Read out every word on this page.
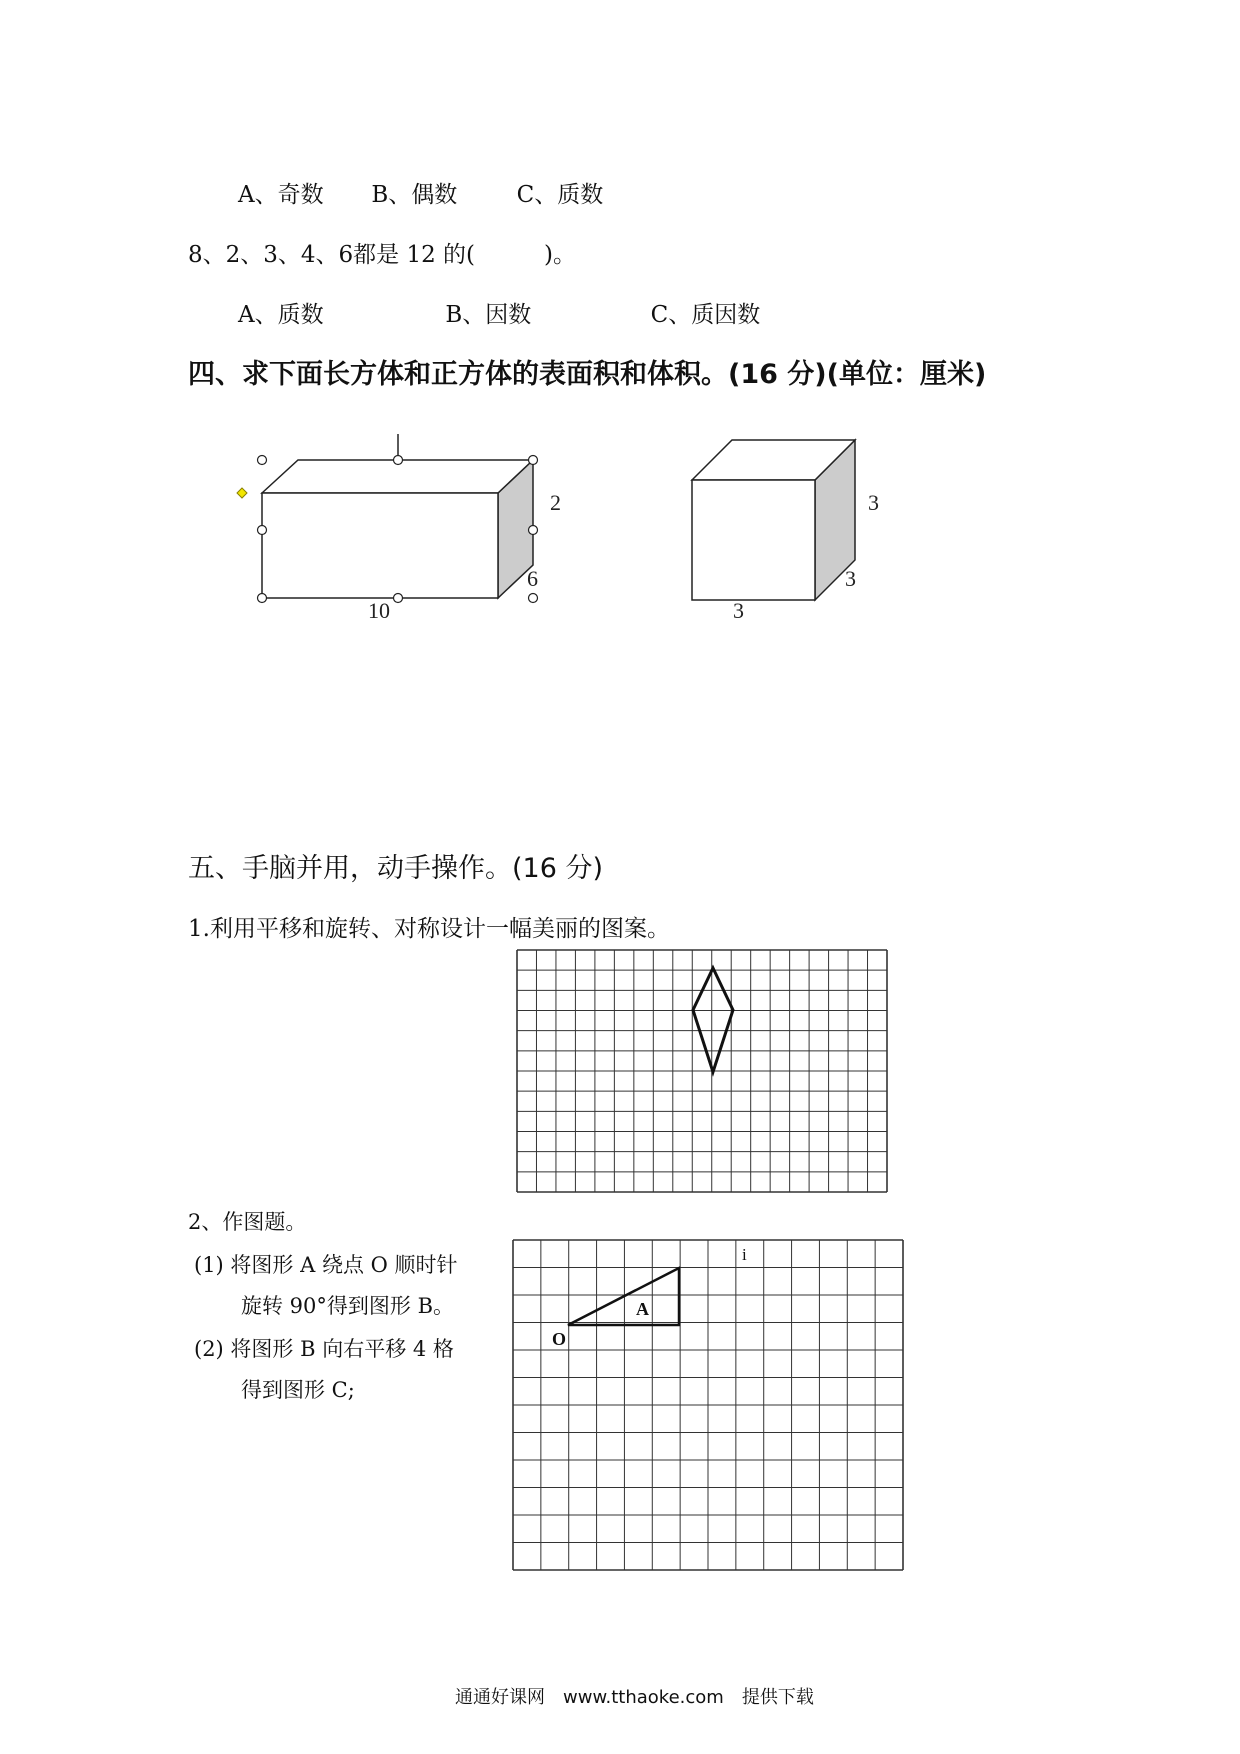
A、奇数 B、偶数	C、质数
8、2、3、4、6都是 12 的(　　　)。
A、质数	B、因数	C、质因数
四、求下面长方体和正方体的表面积和体积。(16 分)(单位：厘米)
2
6
10
3
3
3
五、手脑并用，动手操作。(16 分)
1.利用平移和旋转、对称设计一幅美丽的图案。
2、作图题。
(1) 将图形 A 绕点 O 顺时针
旋转 90°得到图形 B。
(2) 将图形 B 向右平移 4 格
得到图形 C;
A
O
i
通通好课网　www.tthaoke.com　提供下载
